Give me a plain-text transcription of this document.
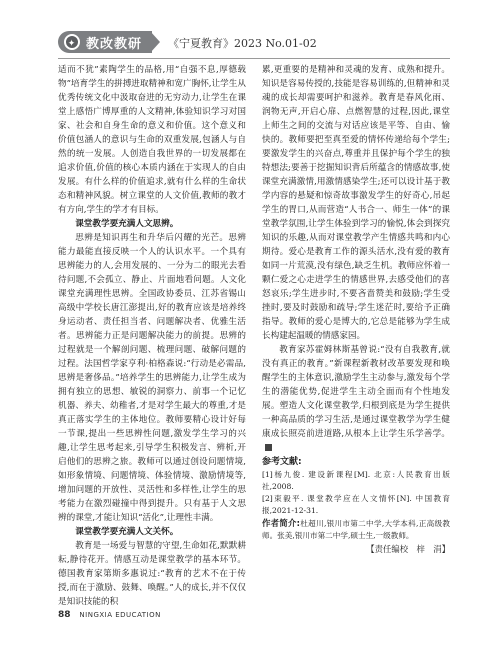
✦ 教改教研 《宁夏教育》2023 No.01-02

适而不犹”素陶学生的品格,用“自强不息,厚德载物”培育学生的拼搏进取精神和宽广胸怀,让学生从优秀传统文化中汲取奋进的无穷动力,让学生在课堂上感悟广博厚重的人文精神,体验知识学习对国家、社会和自身生命的意义和价值。这个意义和价值包涵人的意识与生命的双重发展,包涵人与自然的统一发展。人创造自我世界的一切发展都在追求价值,价值的核心本质内涵在于实现人的自由发展。有什么样的价值追求,就有什么样的生命状态和精神风貌。树立课堂的人文价值,教师的教才有方向,学生的学才有目标。

课堂教学要充满人文思辨。

思辨是知识再生和升华后闪耀的光芒。思辨能力最能直接反映一个人的认识水平。一个具有思辨能力的人,会用发展的、一分为二的眼光去看待问题,不会孤立、静止、片面地看问题。人文化课堂充满理性思辨。全国政协委员、江苏省锡山高级中学校长唐江澎提出,好的教育应该是培养终身运动者、责任担当者、问题解决者、优雅生活者。思辨能力正是问题解决能力的前提。思辨的过程就是一个解剖问题、梳理问题、破解问题的过程。法国哲学家亨利·柏格森说:“行动是必需品,思辨是奢侈品。”培养学生的思辨能力,让学生成为拥有独立的思想、敏锐的洞察力、前事一个记忆机器、养夫、幼稚者,才是对学生最大的尊重,才是真正落实学生的主体地位。教师要精心设计好每一节课,提出一些思辨性问题,激发学生学习的兴趣,让学生思考起来,引导学生积极发言、辨析,开启他们的思辨之旅。教师可以通过创设问题情境,如形象情境、问题情境、体验情境、激励情境等,增加问题的开放性、灵活性和多样性,让学生的思考能力在激烈碰撞中得到提升。只有基于人文思辨的课堂,才能让知识“活化”,让理性丰满。

课堂教学要充满人文关怀。

教育是一场爱与智慧的守望,生命如花,默默耕耘,静待花开。情感互动是课堂教学的基本环节。德国教育家第斯多惠说过:“教育的艺术不在于传授,而在于激励、鼓舞、唤醒。”人的成长,并不仅仅是知识技能的积

累,更重要的是精神和灵魂的发育、成熟和提升。知识是容易传授的,技能是容易训练的,但精神和灵魂的成长却需要呵护和滋养。教育是春风化雨、润物无声,开启心扉、点燃智慧的过程,因此,课堂上师生之间的交流与对话应该是平等、自由、愉快的。教师要把至真至爱的情怀传递给每个学生;要激发学生的兴奋点,尊重并且保护每个学生的独特想法;要善于挖掘知识背后所蕴含的情感故事,使课堂充满激情,用激情感染学生;还可以设计基于教学内容的悬疑和惊奇故事激发学生的好奇心,吊起学生的胃口,从而营造“人书合一、师生一体”的课堂教学氛围,让学生体验到学习的愉悦,体会到探究知识的乐趣,从而对课堂教学产生情感共鸣和内心期待。爱心是教育工作的源头活水,没有爱的教育如同一片荒漠,没有绿色,缺乏生机。教师应怀着一颗仁爱之心走进学生的情感世界,去感受他们的喜怒哀乐;学生进步时,不要吝啬赞美和鼓励;学生受挫时,要及时鼓励和疏导;学生迷茫时,要给予正确指导。教师的爱心是博大的,它总是能够为学生成长构建起温暖的情感家园。

教育家苏霍姆林斯基曾说:“没有自我教育,就没有真正的教育。”新课程新教材改革要发现和唤醒学生的主体意识,激励学生主动参与,激发每个学生的潜能优势,促进学生主动全面而有个性地发展。塑造人文化课堂教学,归根到底是为学生提供一种高品质的学习生活,是通过课堂教学为学生健康成长照亮前进道路,从根本上让学生乐学善学。

参考文献:

[1]杨九俊. 建设新课程[M]. 北京:人民教育出版社,2008.

[2]束毅平. 课堂教学应在人文情怀[N]. 中国教育报,2021-12-31.

作者简介:杜超川,银川市第二中学,大学本科,正高级教师。张美,银川市第二中学,硕士生,一级教师。

【责任编校　梓　涓】

88 NINGXIA EDUCATION
